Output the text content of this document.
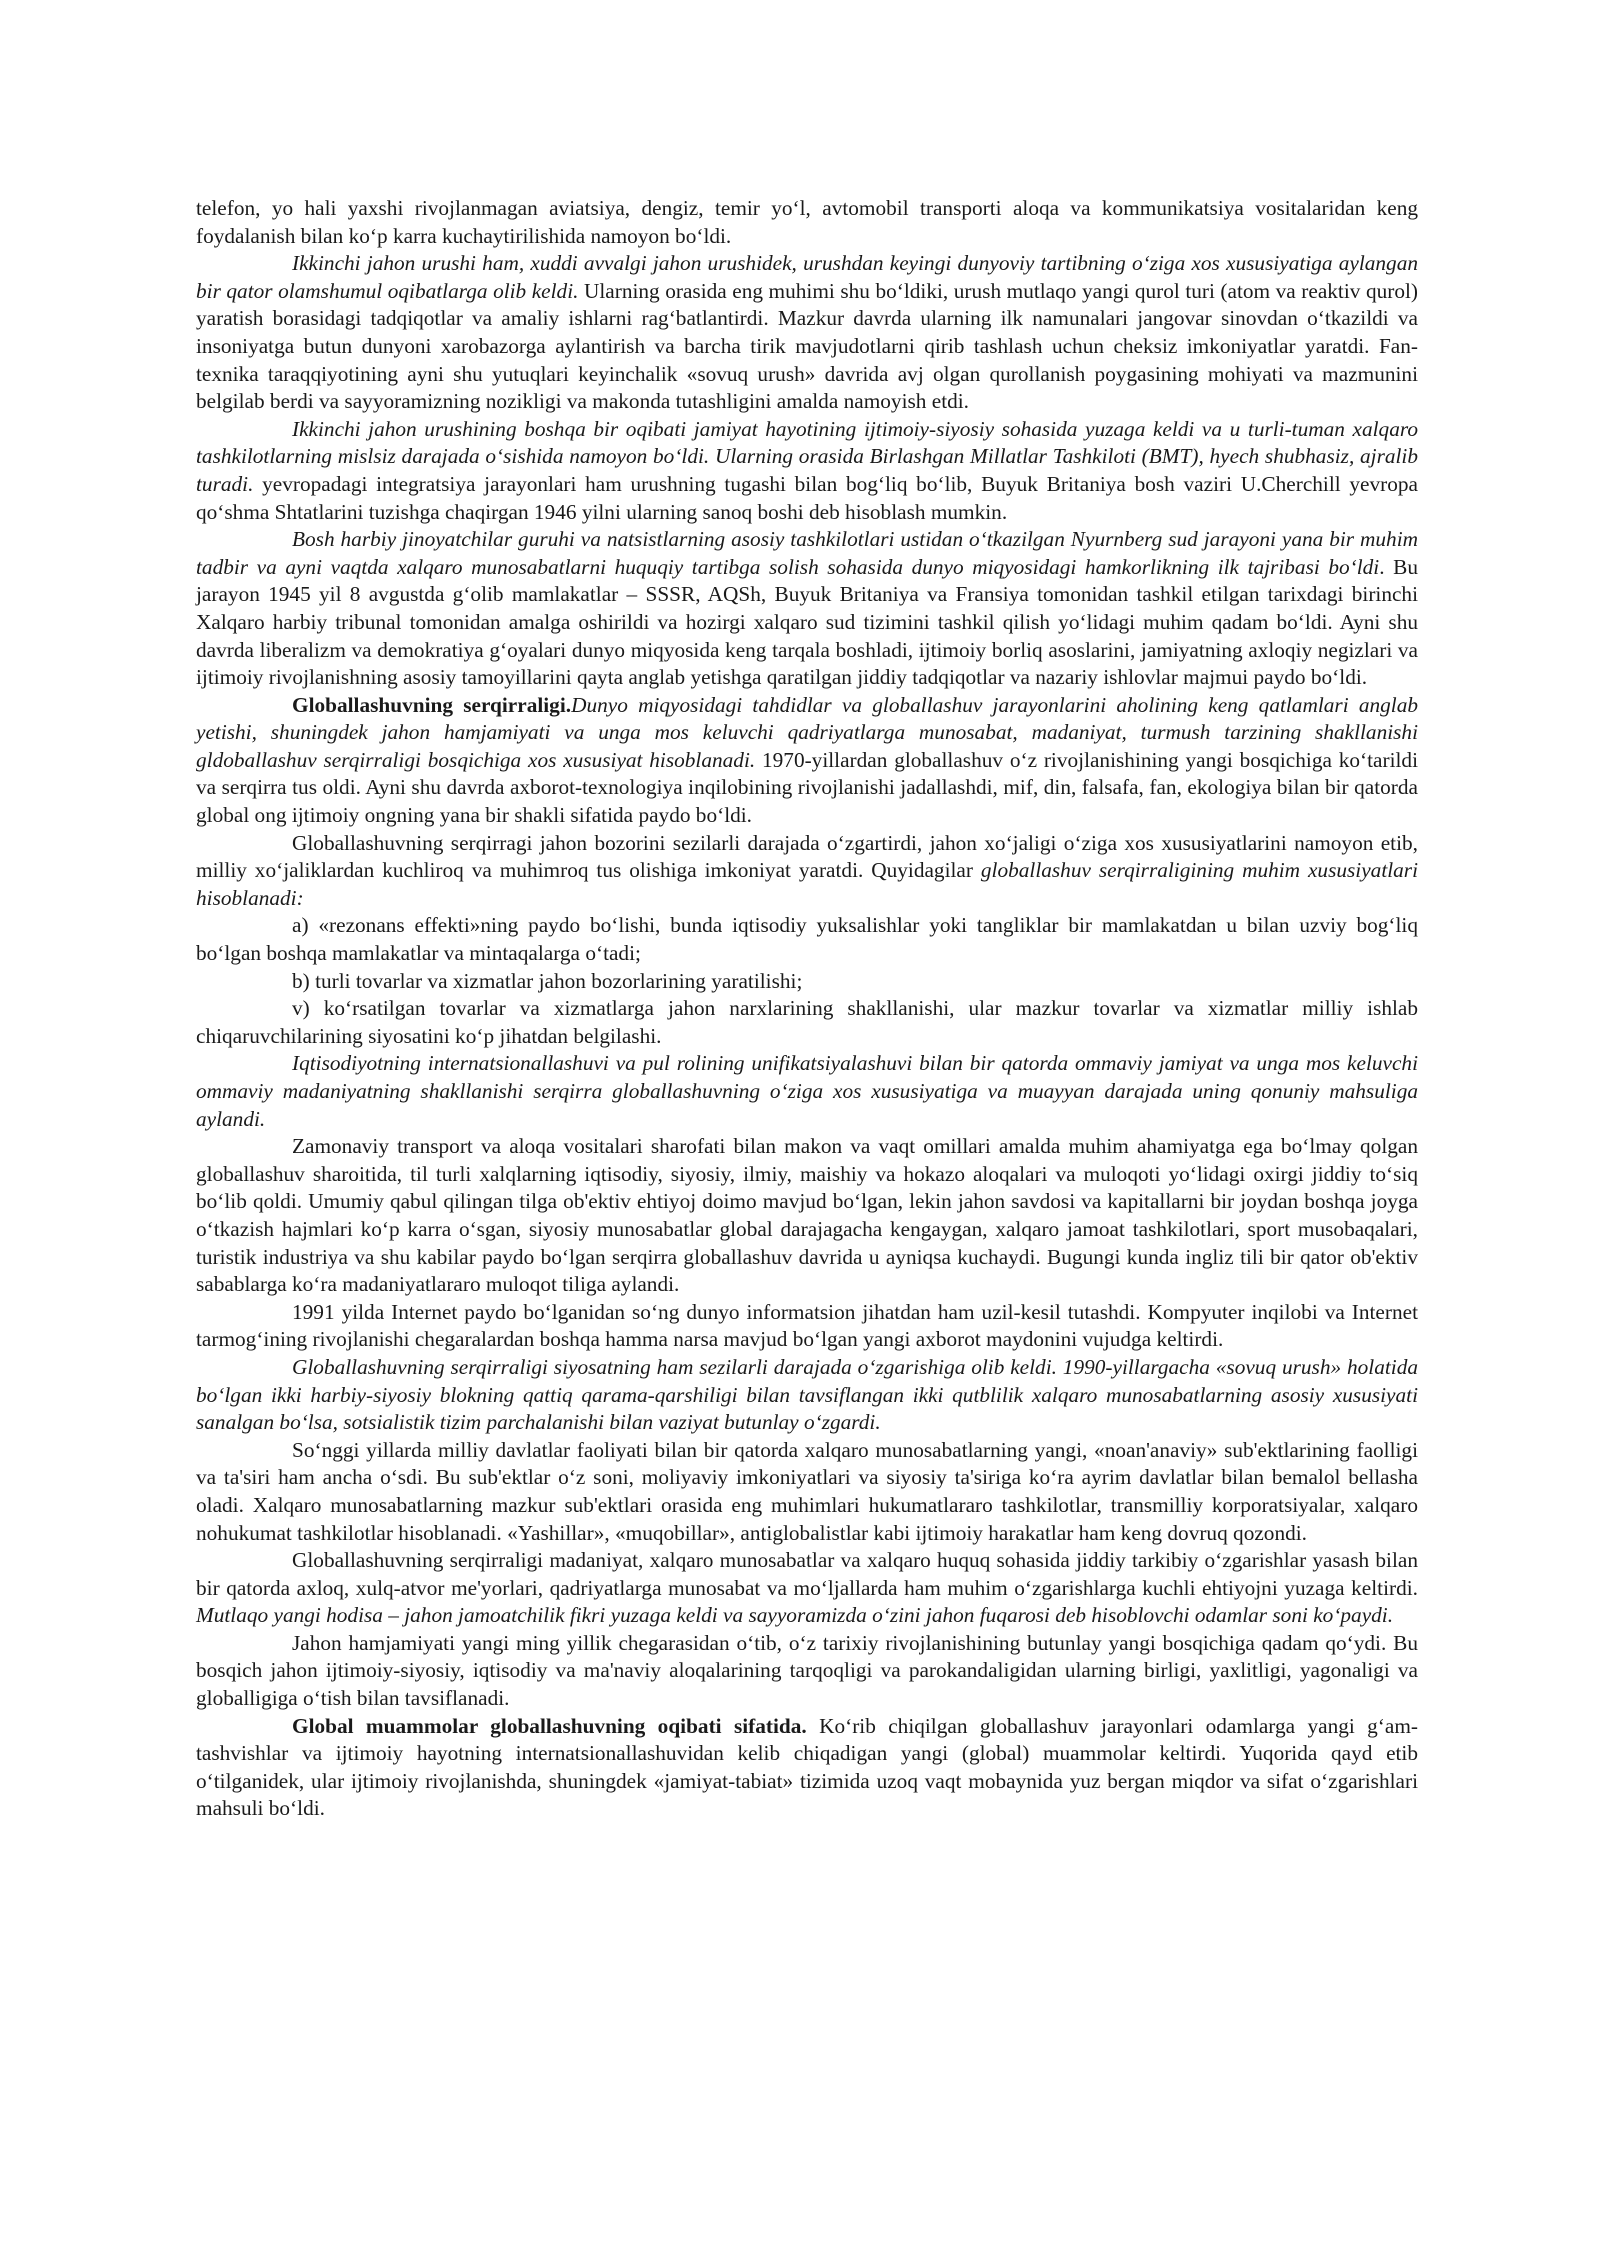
telefon, yo hali yaxshi rivojlanmagan aviatsiya, dengiz, temir yo‘l, avtomobil transporti aloqa va kommunikatsiya vositalaridan keng foydalanish bilan ko‘p karra kuchaytirilishida namoyon bo‘ldi.

Ikkinchi jahon urushi ham, xuddi avvalgi jahon urushidek, urushdan keyingi dunyoviy tartibning o‘ziga xos xususiyatiga aylangan bir qator olamshumul oqibatlarga olib keldi. Ularning orasida eng muhimi shu bo‘ldiki, urush mutlaqo yangi qurol turi (atom va reaktiv qurol) yaratish borasidagi tadqiqotlar va amaliy ishlarni rag‘batlantirdi. Mazkur davrda ularning ilk namunalari jangovar sinovdan o‘tkazildi va insoniyatga butun dunyoni xarobazorga aylantirish va barcha tirik mavjudotlarni qirib tashlash uchun cheksiz imkoniyatlar yaratdi. Fan-texnika taraqqiyotining ayni shu yutuqlari keyinchalik «sovuq urush» davrida avj olgan qurollanish poygasining mohiyati va mazmunini belgilab berdi va sayyoramizning nozikligi va makonda tutashligini amalda namoyish etdi.

Ikkinchi jahon urushining boshqa bir oqibati jamiyat hayotining ijtimoiy-siyosiy sohasida yuzaga keldi va u turli-tuman xalqaro tashkilotlarning mislsiz darajada o‘sishida namoyon bo‘ldi. Ularning orasida Birlashgan Millatlar Tashkiloti (BMT), hyech shubhasiz, ajralib turadi. yevropadagi integratsiya jarayonlari ham urushning tugashi bilan bog‘liq bo‘lib, Buyuk Britaniya bosh vaziri U.Cherchill yevropa qo‘shma Shtatlarini tuzishga chaqirgan 1946 yilni ularning sanoq boshi deb hisoblash mumkin.

Bosh harbiy jinoyatchilar guruhi va natsistlarning asosiy tashkilotlari ustidan o‘tkazilgan Nyurnberg sud jarayoni yana bir muhim tadbir va ayni vaqtda xalqaro munosabatlarni huquqiy tartibga solish sohasida dunyo miqyosidagi hamkorlikning ilk tajribasi bo‘ldi. Bu jarayon 1945 yil 8 avgustda g‘olib mamlakatlar – SSSR, AQSh, Buyuk Britaniya va Fransiya tomonidan tashkil etilgan tarixdagi birinchi Xalqaro harbiy tribunal tomonidan amalga oshirildi va hozirgi xalqaro sud tizimini tashkil qilish yo‘lidagi muhim qadam bo‘ldi. Ayni shu davrda liberalizm va demokratiya g‘oyalari dunyo miqyosida keng tarqala boshladi, ijtimoiy borliq asoslarini, jamiyatning axloqiy negizlari va ijtimoiy rivojlanishning asosiy tamoyillarini qayta anglab yetishga qaratilgan jiddiy tadqiqotlar va nazariy ishlovlar majmui paydo bo‘ldi.

Globallashuvning serqirraligi.Dunyo miqyosidagi tahdidlar va globallashuv jarayonlarini aholining keng qatlamlari anglab yetishi, shuningdek jahon hamjamiyati va unga mos keluvchi qadriyatlarga munosabat, madaniyat, turmush tarzining shakllanishi gldoballashuv serqirraligi bosqichiga xos xususiyat hisoblanadi. 1970-yillardan globallashuv o‘z rivojlanishining yangi bosqichiga ko‘tarildi va serqirra tus oldi. Ayni shu davrda axborot-texnologiya inqilobining rivojlanishi jadallashdi, mif, din, falsafa, fan, ekologiya bilan bir qatorda global ong ijtimoiy ongning yana bir shakli sifatida paydo bo‘ldi.

Globallashuvning serqirragi jahon bozorini sezilarli darajada o‘zgartirdi, jahon xo‘jaligi o‘ziga xos xususiyatlarini namoyon etib, milliy xo‘jaliklardan kuchliroq va muhimroq tus olishiga imkoniyat yaratdi. Quyidagilar globallashuv serqirraligining muhim xususiyatlari hisoblanadi:

a) «rezonans effekti»ning paydo bo‘lishi, bunda iqtisodiy yuksalishlar yoki tangliklar bir mamlakatdan u bilan uzviy bog‘liq bo‘lgan boshqa mamlakatlar va mintaqalarga o‘tadi;

b) turli tovarlar va xizmatlar jahon bozorlarining yaratilishi;

v) ko‘rsatilgan tovarlar va xizmatlarga jahon narxlarining shakllanishi, ular mazkur tovarlar va xizmatlar milliy ishlab chiqaruvchilarining siyosatini ko‘p jihatdan belgilashi.

Iqtisodiyotning internatsionallashuvi va pul rolining unifikatsiyalashuvi bilan bir qatorda ommaviy jamiyat va unga mos keluvchi ommaviy madaniyatning shakllanishi serqirra globallashuvning o‘ziga xos xususiyatiga va muayyan darajada uning qonuniy mahsuliga aylandi.

Zamonaviy transport va aloqa vositalari sharofati bilan makon va vaqt omillari amalda muhim ahamiyatga ega bo‘lmay qolgan globallashuv sharoitida, til turli xalqlarning iqtisodiy, siyosiy, ilmiy, maishiy va hokazo aloqalari va muloqoti yo‘lidagi oxirgi jiddiy to‘siq bo‘lib qoldi. Umumiy qabul qilingan tilga ob'ektiv ehtiyoj doimo mavjud bo‘lgan, lekin jahon savdosi va kapitallarni bir joydan boshqa joyga o‘tkazish hajmlari ko‘p karra o‘sgan, siyosiy munosabatlar global darajagacha kengaygan, xalqaro jamoat tashkilotlari, sport musobaqalari, turistik industriya va shu kabilar paydo bo‘lgan serqirra globallashuv davrida u ayniqsa kuchaydi. Bugungi kunda ingliz tili bir qator ob'ektiv sabablarga ko‘ra madaniyatlararo muloqot tiliga aylandi.

1991 yilda Internet paydo bo‘lganidan so‘ng dunyo informatsion jihatdan ham uzil-kesil tutashdi. Kompyuter inqilobi va Internet tarmog‘ining rivojlanishi chegaralardan boshqa hamma narsa mavjud bo‘lgan yangi axborot maydonini vujudga keltirdi.

Globallashuvning serqirraligi siyosatning ham sezilarli darajada o‘zgarishiga olib keldi. 1990-yillargacha «sovuq urush» holatida bo‘lgan ikki harbiy-siyosiy blokning qattiq qarama-qarshiligi bilan tavsiflangan ikki qutblilik xalqaro munosabatlarning asosiy xususiyati sanalgan bo‘lsa, sotsialistik tizim parchalanishi bilan vaziyat butunlay o‘zgardi.

So‘nggi yillarda milliy davlatlar faoliyati bilan bir qatorda xalqaro munosabatlarning yangi, «noan'anaviy» sub'ektlarining faolligi va ta'siri ham ancha o‘sdi. Bu sub'ektlar o‘z soni, moliyaviy imkoniyatlari va siyosiy ta'siriga ko‘ra ayrim davlatlar bilan bemalol bellasha oladi. Xalqaro munosabatlarning mazkur sub'ektlari orasida eng muhimlari hukumatlararo tashkilotlar, transmilliy korporatsiyalar, xalqaro nohukumat tashkilotlar hisoblanadi. «Yashillar», «muqobillar», antiglobalistlar kabi ijtimoiy harakatlar ham keng dovruq qozondi.

Globallashuvning serqirraligi madaniyat, xalqaro munosabatlar va xalqaro huquq sohasida jiddiy tarkibiy o‘zgarishlar yasash bilan bir qatorda axloq, xulq-atvor me'yorlari, qadriyatlarga munosabat va mo‘ljallarda ham muhim o‘zgarishlarga kuchli ehtiyojni yuzaga keltirdi. Mutlaqo yangi hodisa – jahon jamoatchilik fikri yuzaga keldi va sayyoramizda o‘zini jahon fuqarosi deb hisoblovchi odamlar soni ko‘paydi.

Jahon hamjamiyati yangi ming yillik chegarasidan o‘tib, o‘z tarixiy rivojlanishining butunlay yangi bosqichiga qadam qo‘ydi. Bu bosqich jahon ijtimoiy-siyosiy, iqtisodiy va ma'naviy aloqalarining tarqoqligi va parokandaligidan ularning birligi, yaxlitligi, yagonaligi va globalligiga o‘tish bilan tavsiflanadi.

Global muammolar globallashuvning oqibati sifatida. Ko‘rib chiqilgan globallashuv jarayonlari odamlarga yangi g‘am-tashvishlar va ijtimoiy hayotning internatsionallashuvidan kelib chiqadigan yangi (global) muammolar keltirdi. Yuqorida qayd etib o‘tilganidek, ular ijtimoiy rivojlanishda, shuningdek «jamiyat-tabiat» tizimida uzoq vaqt mobaynida yuz bergan miqdor va sifat o‘zgarishlari mahsuli bo‘ldi.
